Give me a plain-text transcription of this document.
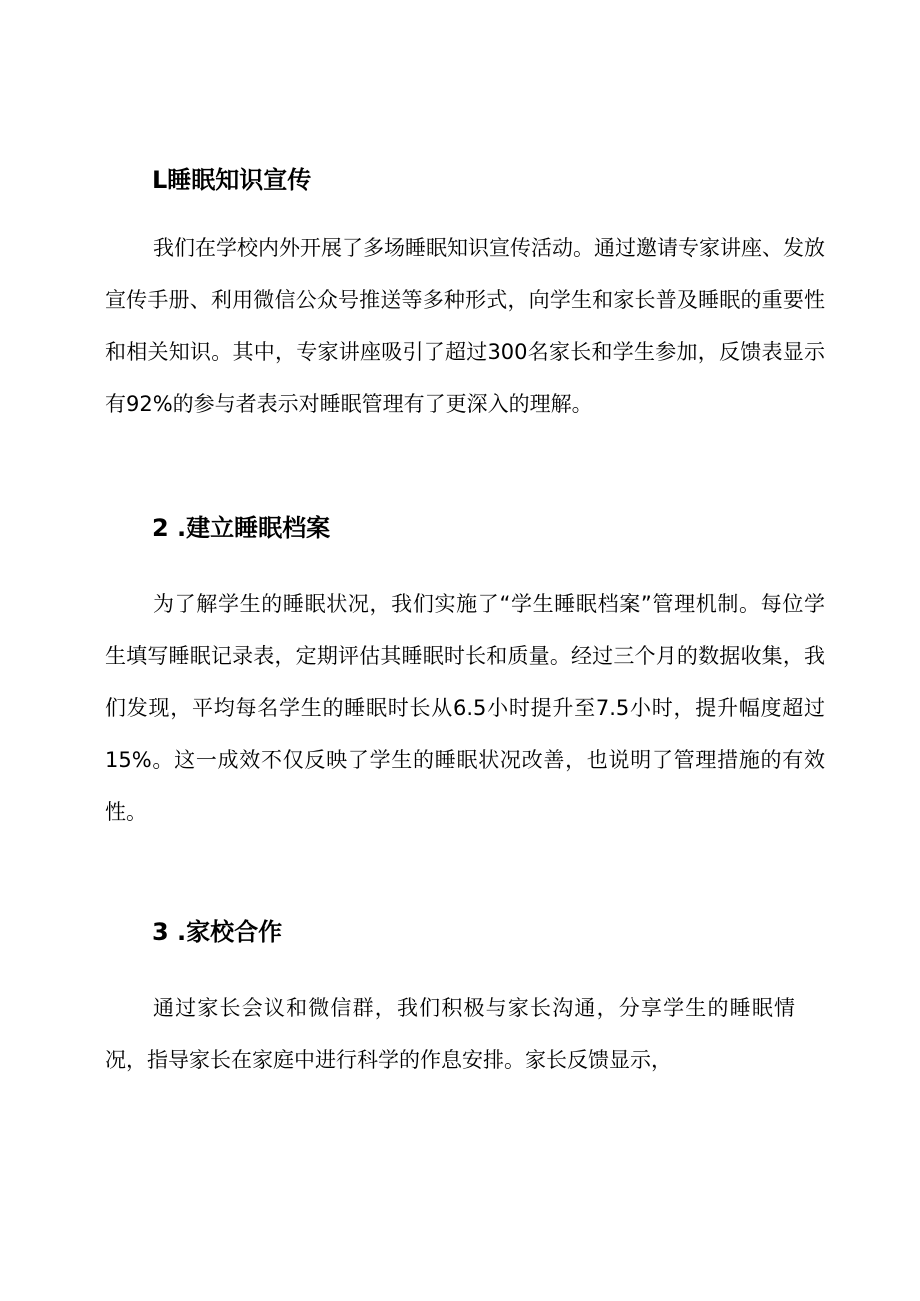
L睡眠知识宣传

我们在学校内外开展了多场睡眠知识宣传活动。通过邀请专家讲座、发放宣传手册、利用微信公众号推送等多种形式，向学生和家长普及睡眠的重要性和相关知识。其中，专家讲座吸引了超过300名家长和学生参加，反馈表显示有92%的参与者表示对睡眠管理有了更深入的理解。

2 .建立睡眠档案

为了解学生的睡眠状况，我们实施了“学生睡眠档案”管理机制。每位学生填写睡眠记录表，定期评估其睡眠时长和质量。经过三个月的数据收集，我们发现，平均每名学生的睡眠时长从6.5小时提升至7.5小时，提升幅度超过15%。这一成效不仅反映了学生的睡眠状况改善，也说明了管理措施的有效性。

3 .家校合作

通过家长会议和微信群，我们积极与家长沟通，分享学生的睡眠情况，指导家长在家庭中进行科学的作息安排。家长反馈显示，
